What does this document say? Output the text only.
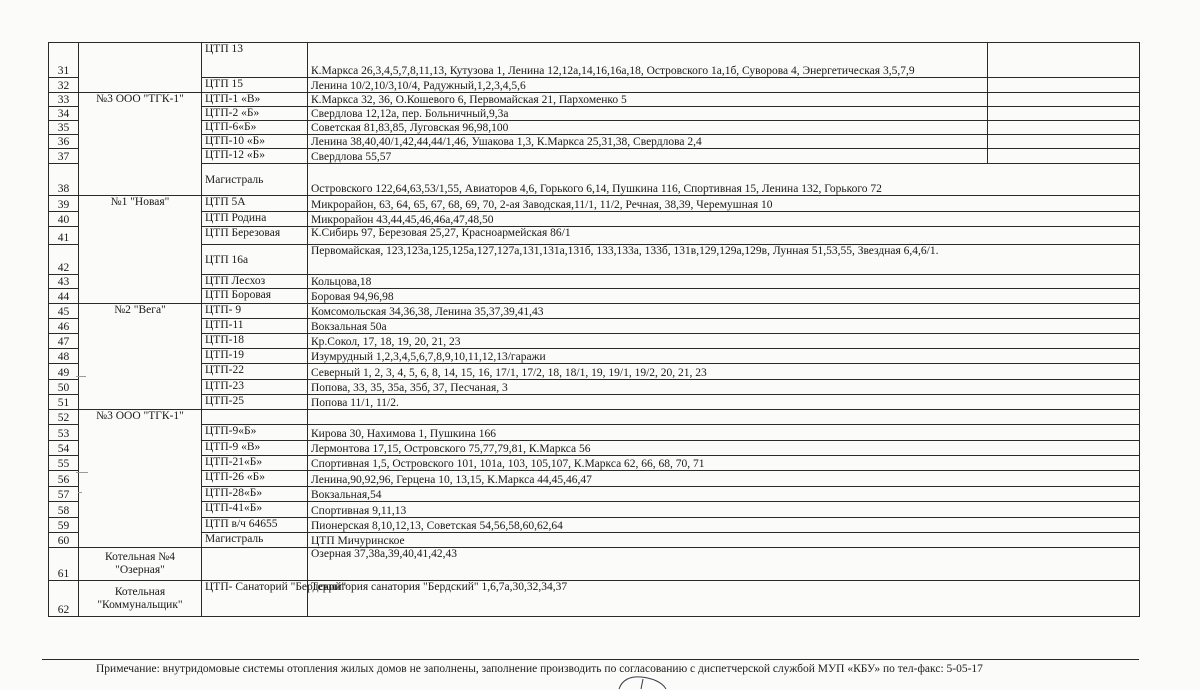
31		ЦТП 13	К.Маркса 26,3,4,5,7,8,11,13, Кутузова 1, Ленина 12,12а,14,16,16а,18, Островского 1а,1б, Суворова 4, Энергетическая 3,5,7,9	
32		ЦТП 15	Ленина 10/2,10/3,10/4, Радужный,1,2,3,4,5,6	
33	№3 ООО "ТГК-1"	ЦТП-1 «В»	К.Маркса 32, 36, О.Кошевого 6, Первомайская 21, Пархоменко 5	
34		ЦТП-2 «Б»	Свердлова 12,12а, пер. Больничный,9,3а	
35		ЦТП-6«Б»	Советская 81,83,85, Луговская 96,98,100	
36		ЦТП-10 «Б»	Ленина 38,40,40/1,42,44,44/1,46, Ушакова 1,3, К.Маркса 25,31,38, Свердлова 2,4	
37		ЦТП-12 «Б»	Свердлова 55,57	
38		Магистраль	Островского 122,64,63,53/1,55, Авиаторов 4,6, Горького 6,14, Пушкина 116, Спортивная 15, Ленина 132, Горького 72	
39	№1 "Новая"	ЦТП 5А	Микрорайон, 63, 64, 65, 67, 68, 69, 70, 2-ая Заводская,11/1, 11/2, Речная, 38,39, Черемушная 10	
40		ЦТП Родина	Микрорайон 43,44,45,46,46а,47,48,50	
41		ЦТП Березовая	К.Сибирь 97, Березовая 25,27, Красноармейская 86/1	
42		ЦТП 16а	Первомайская, 123,123а,125,125а,127,127а,131,131а,131б, 133,133а, 133б, 131в,129,129а,129в, Лунная 51,53,55, Звездная 6,4,6/1.	

43		ЦТП Лесхоз	Кольцова,18	
44		ЦТП Боровая	Боровая 94,96,98	
45	№2 "Вега"	ЦТП- 9	Комсомольская 34,36,38, Ленина 35,37,39,41,43	
46		ЦТП-11	Вокзальная 50а	
47		ЦТП-18	Кр.Сокол, 17, 18, 19, 20, 21, 23	
48		ЦТП-19	Изумрудный 1,2,3,4,5,6,7,8,9,10,11,12,13/гаражи	
49		ЦТП-22	Северный 1, 2, 3, 4, 5, 6, 8, 14, 15, 16, 17/1, 17/2, 18, 18/1, 19, 19/1, 19/2, 20, 21, 23	
50		ЦТП-23	Попова, 33, 35, 35а, 35б, 37, Песчаная, 3	
51		ЦТП-25	Попова 11/1, 11/2.	
52	№3 ООО "ТГК-1"			
53		ЦТП-9«Б»	Кирова 30, Нахимова 1, Пушкина 166	
54		ЦТП-9 «В»	Лермонтова 17,15, Островского 75,77,79,81, К.Маркса 56	
55		ЦТП-21«Б»	Спортивная 1,5, Островского 101, 101а, 103, 105,107, К.Маркса 62, 66, 68, 70, 71	
56		ЦТП-26 «Б»	Ленина,90,92,96, Герцена 10, 13,15, К.Маркса 44,45,46,47	
57		ЦТП-28«Б»	Вокзальная,54	
58		ЦТП-41«Б»	Спортивная 9,11,13	
59		ЦТП в/ч 64655	Пионерская 8,10,12,13, Советская 54,56,58,60,62,64	
60		Магистраль	ЦТП Мичуринское	
61	Котельная №4 "Озерная"		Озерная 37,38а,39,40,41,42,43	
62	Котельная "Коммунальщик"	ЦТП- Санаторий "Бердский"	Территория санатория "Бердский" 1,6,7а,30,32,34,37	
Примечание: внутридомовые системы отопления жилых домов не заполнены, заполнение производить по согласованию с диспетчерской службой МУП «КБУ» по тел-факс: 5-05-17
